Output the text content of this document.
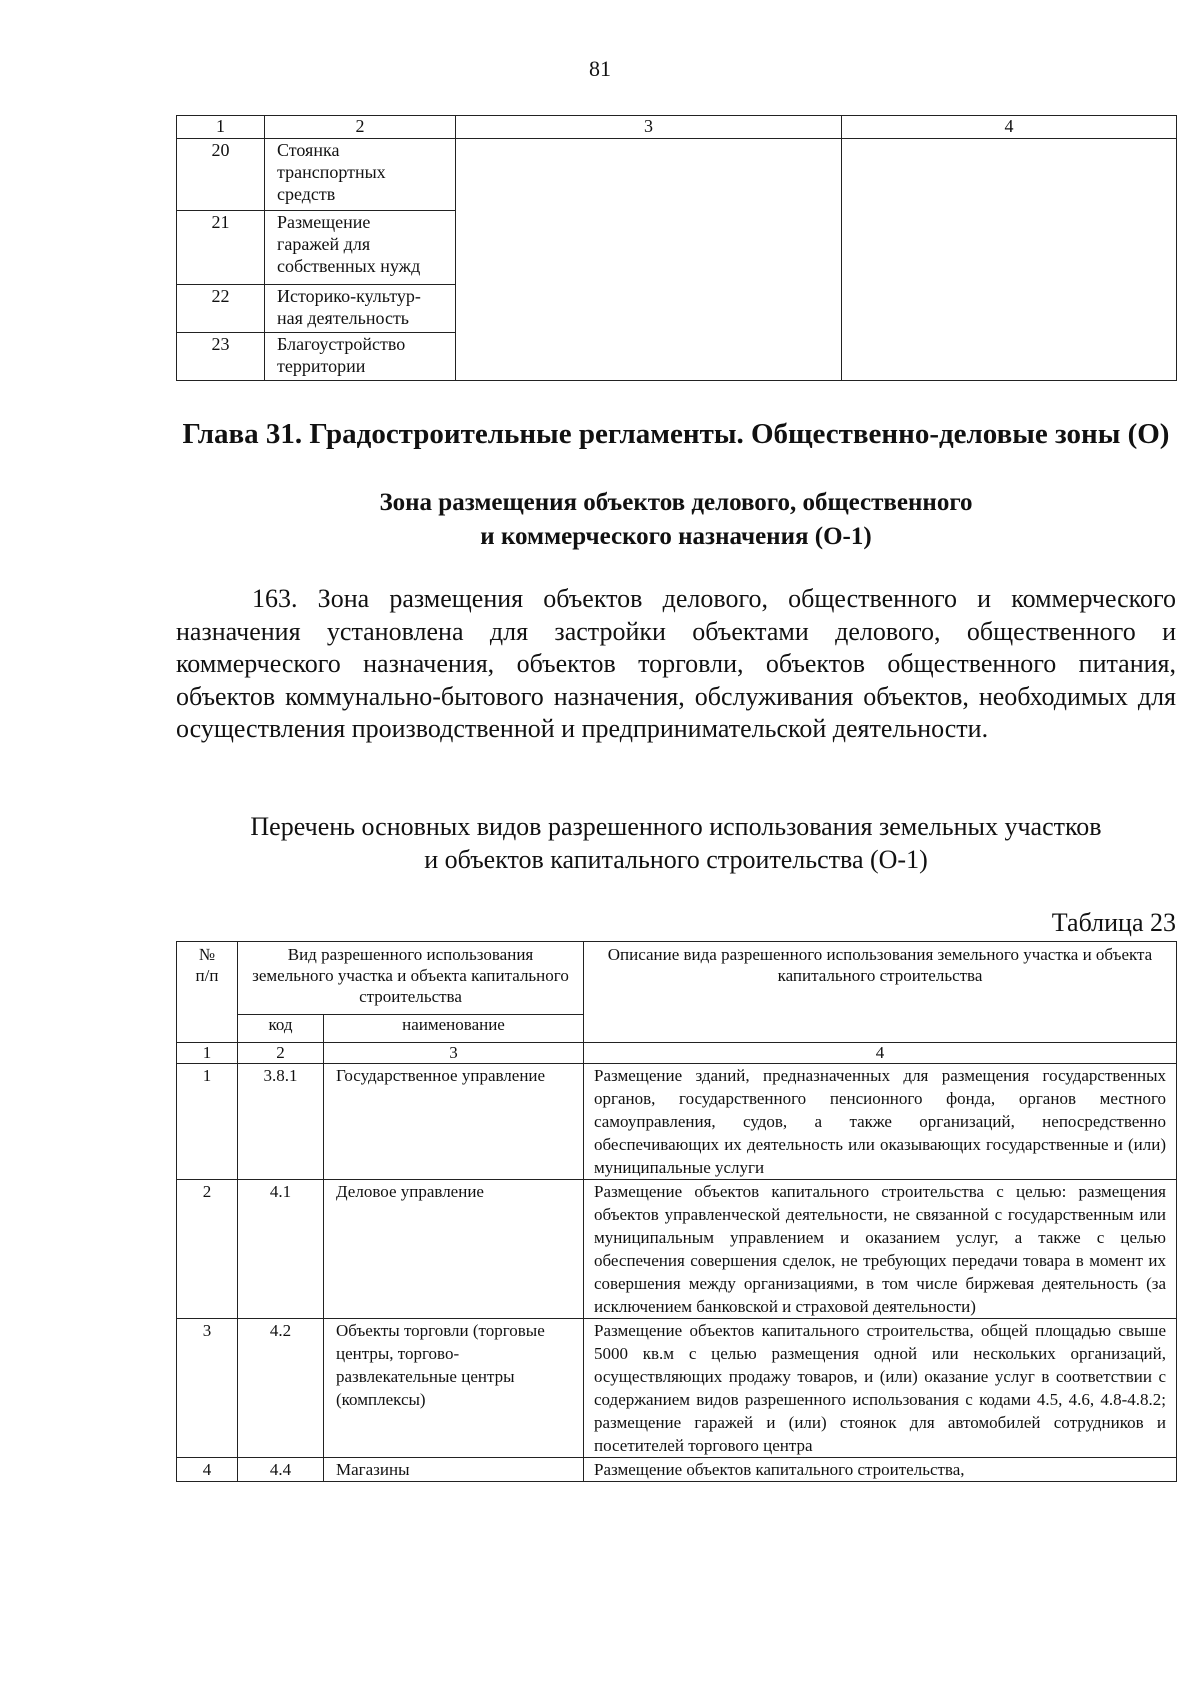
81
1	2	3	4
20	Стоянка
транспортных
средств		

21	Размещение
гаражей для
собственных нужд		

22	Историко-культур-
ная деятельность		

23	Благоустройство
территории		
Глава 31. Градостроительные регламенты. Общественно-деловые зоны (О)
Зона размещения объектов делового, общественного
и коммерческого назначения (О-1)

163. Зона размещения объектов делового, общественного и коммерческого назначения установлена для застройки объектами делового, общественного и коммерческого назначения, объектов торговли, объектов общественного питания, объектов коммунально-бытового назначения, обслуживания объектов, необходимых для осуществления производственной и предпринимательской деятельности.

Перечень основных видов разрешенного использования земельных участков
и объектов капитального строительства (О-1)
Таблица 23
№ п/п	Вид разрешенного использования земельного участка и объекта капитального строительства		Описание вида разрешенного использования земельного участка и объекта капитального строительства
	код	наименование	
1	2	3	4
1	3.8.1	Государственное управление	Размещение зданий, предназначенных для размещения государственных органов, государственного пенсионного фонда, органов местного самоуправления, судов, а также организаций, непосредственно обеспечивающих их деятельность или оказывающих государственные и (или) муниципальные услуги
2	4.1	Деловое управление	Размещение объектов капитального строительства с целью: размещения объектов управленческой деятельности, не связанной с государственным или муниципальным управлением и оказанием услуг, а также с целью обеспечения совершения сделок, не требующих передачи товара в момент их совершения между организациями, в том числе биржевая деятельность (за исключением банковской и страховой деятельности)
3	4.2	Объекты торговли (торговые центры, торгово-развлекательные центры (комплексы)	Размещение объектов капитального строительства, общей площадью свыше 5000 кв.м с целью размещения одной или нескольких организаций, осуществляющих продажу товаров, и (или) оказание услуг в соответствии с содержанием видов разрешенного использования с кодами 4.5, 4.6, 4.8-4.8.2; размещение гаражей и (или) стоянок для автомобилей сотрудников и посетителей торгового центра
4	4.4	Магазины	Размещение объектов капитального строительства,
